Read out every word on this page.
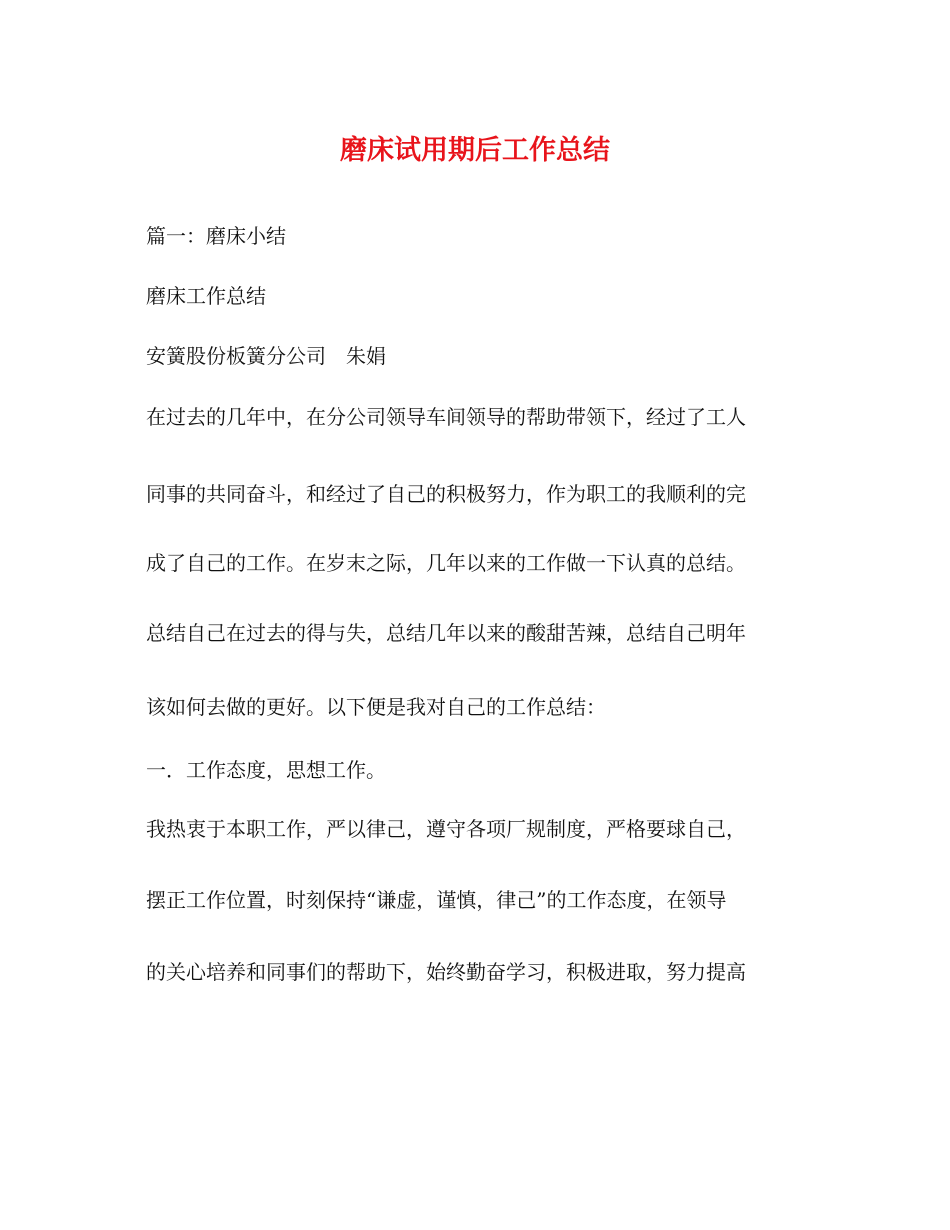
磨床试用期后工作总结
篇一：磨床小结
磨床工作总结
安簧股份板簧分公司　朱娟
在过去的几年中，在分公司领导车间领导的帮助带领下，经过了工人
同事的共同奋斗，和经过了自己的积极努力，作为职工的我顺利的完
成了自己的工作。在岁末之际，几年以来的工作做一下认真的总结。
总结自己在过去的得与失，总结几年以来的酸甜苦辣，总结自己明年
该如何去做的更好。以下便是我对自己的工作总结：
一．工作态度，思想工作。
我热衷于本职工作，严以律己，遵守各项厂规制度，严格要球自己，
摆正工作位置，时刻保持“谦虚，谨慎，律己”的工作态度，在领导
的关心培养和同事们的帮助下，始终勤奋学习，积极进取，努力提高
